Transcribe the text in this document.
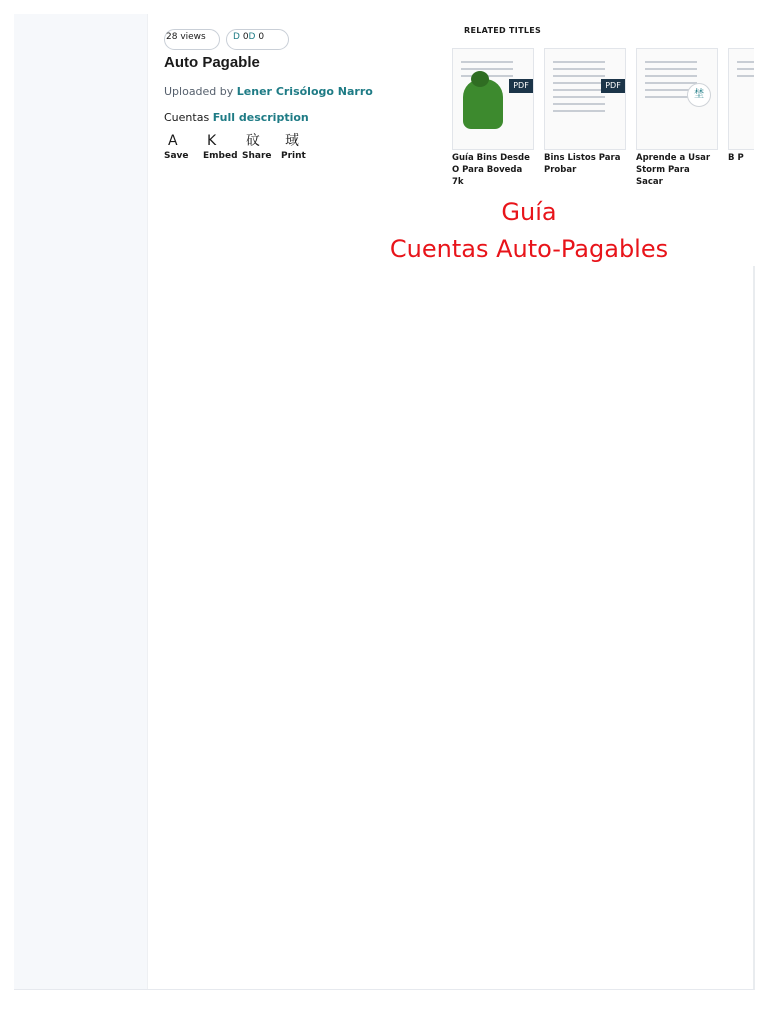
28 views	D 0D 0
Auto Pagable
Uploaded by Lener Crisólogo Narro
Cuentas Full description
A
Save
K
Embed
砇
Share
琙
Print
RELATED TITLES
PDF
Guía Bins Desde O Para Boveda 7k
PDF
Bins Listos Para Probar
埜
Aprende a Usar Storm Para Sacar
B P
Guía
Cuentas Auto-Pagables
